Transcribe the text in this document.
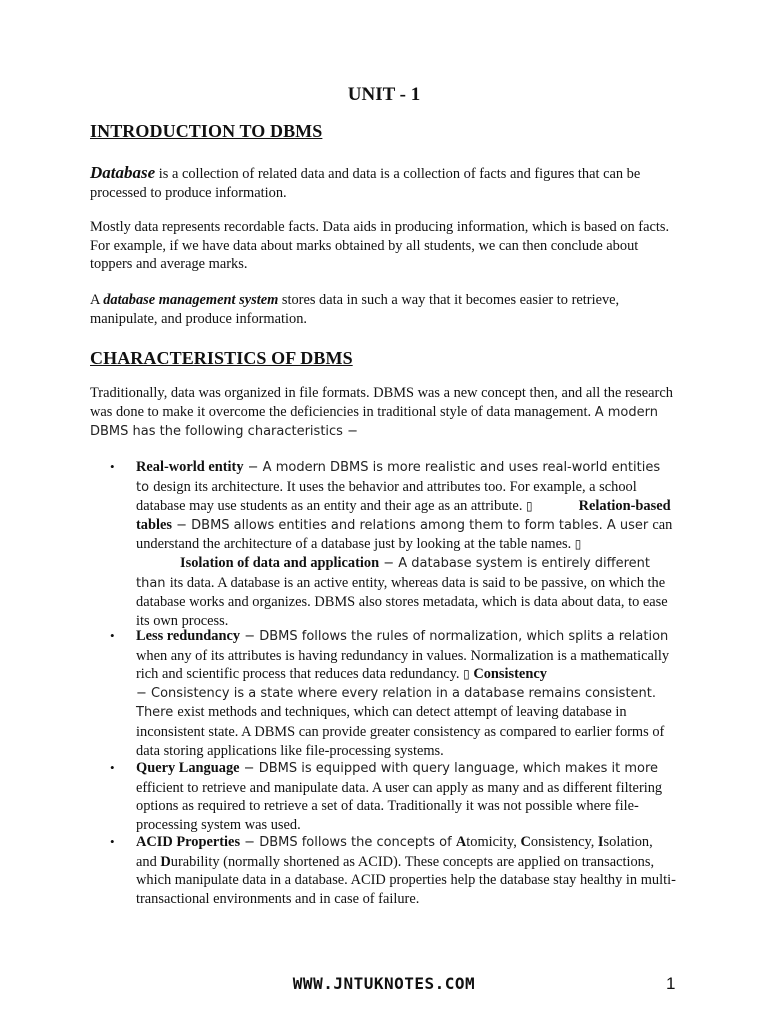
UNIT - 1
INTRODUCTION TO DBMS

Database is a collection of related data and data is a collection of facts and figures that can be processed to produce information.

Mostly data represents recordable facts. Data aids in producing information, which is based on facts. For example, if we have data about marks obtained by all students, we can then conclude about toppers and average marks.

A database management system stores data in such a way that it becomes easier to retrieve, manipulate, and produce information.

CHARACTERISTICS OF DBMS

Traditionally, data was organized in file formats. DBMS was a new concept then, and all the research was done to make it overcome the deficiencies in traditional style of data management. A modern DBMS has the following characteristics −

• Real-world entity − A modern DBMS is more realistic and uses real-world entities to design its architecture. It uses the behavior and attributes too. For example, a school database may use students as an entity and their age as an attribute. ▯	Relation-based tables − DBMS allows entities and relations among them to form tables. A user can understand the architecture of a database just by looking at the table names. ▯
Isolation of data and application − A database system is entirely different than its data. A database is an active entity, whereas data is said to be passive, on which the database works and organizes. DBMS also stores metadata, which is data about data, to ease its own process.

• Less redundancy − DBMS follows the rules of normalization, which splits a relation when any of its attributes is having redundancy in values. Normalization is a mathematically rich and scientific process that reduces data redundancy. ▯ Consistency
− Consistency is a state where every relation in a database remains consistent. There exist methods and techniques, which can detect attempt of leaving database in inconsistent state. A DBMS can provide greater consistency as compared to earlier forms of data storing applications like file-processing systems.

• Query Language − DBMS is equipped with query language, which makes it more efficient to retrieve and manipulate data. A user can apply as many and as different filtering options as required to retrieve a set of data. Traditionally it was not possible where file-processing system was used.

• ACID Properties − DBMS follows the concepts of Atomicity, Consistency, Isolation, and Durability (normally shortened as ACID). These concepts are applied on transactions, which manipulate data in a database. ACID properties help the database stay healthy in multi-transactional environments and in case of failure.

WWW.JNTUKNOTES.COM	1
